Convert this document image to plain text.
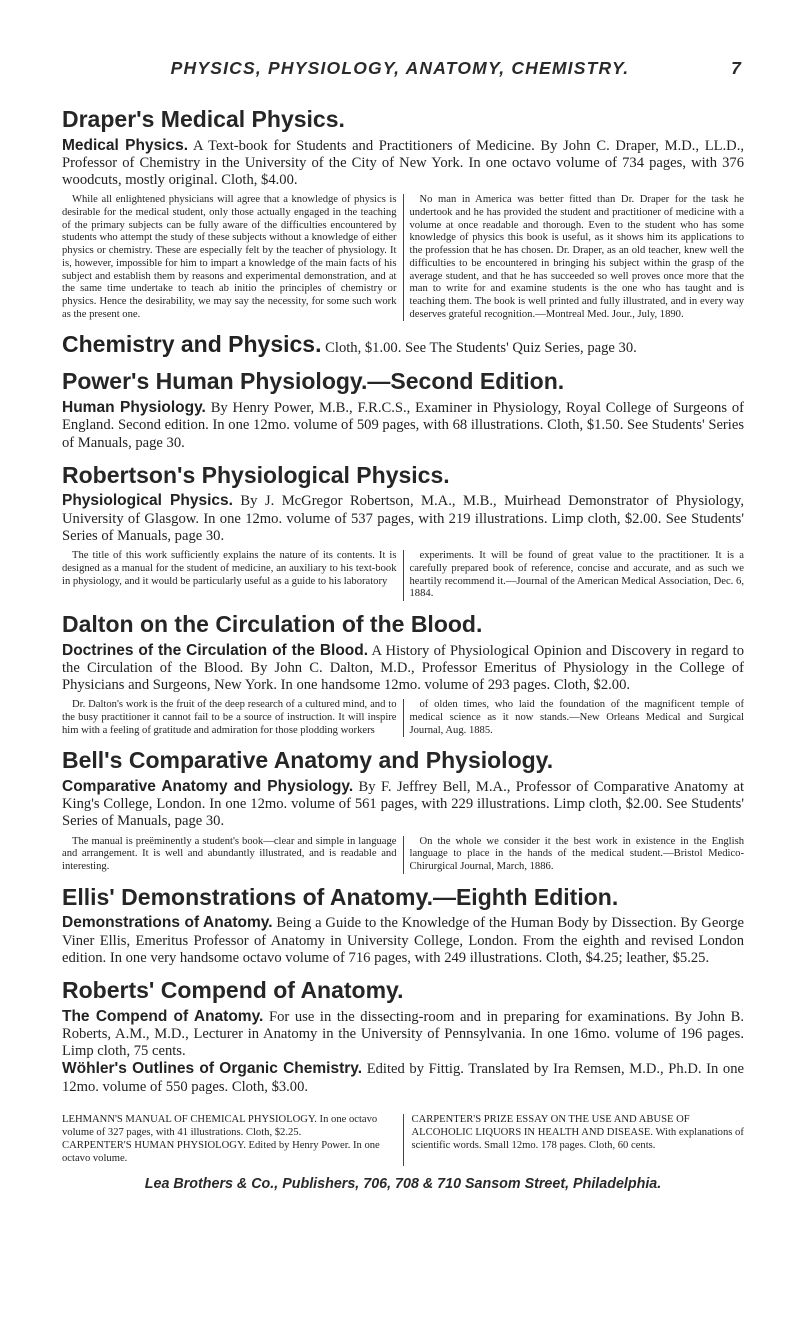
PHYSICS, PHYSIOLOGY, ANATOMY, CHEMISTRY.	7
Draper's Medical Physics.

Medical Physics. A Text-book for Students and Practitioners of Medicine. By John C. Draper, M.D., LL.D., Professor of Chemistry in the University of the City of New York. In one octavo volume of 734 pages, with 376 woodcuts, mostly original. Cloth, $4.00.

While all enlightened physicians will agree that a knowledge of physics is desirable for the medical student, only those actually engaged in the teaching of the primary subjects can be fully aware of the difficulties encountered by students who attempt the study of these subjects without a knowledge of either physics or chemistry. These are especially felt by the teacher of physiology. It is, however, impossible for him to impart a knowledge of the main facts of his subject and establish them by reasons and experimental demonstration, and at the same time undertake to teach ab initio the principles of chemistry or physics. Hence the desirability, we may say the necessity, for some such work as the present one.

No man in America was better fitted than Dr. Draper for the task he undertook and he has provided the student and practitioner of medicine with a volume at once readable and thorough. Even to the student who has some knowledge of physics this book is useful, as it shows him its applications to the profession that he has chosen. Dr. Draper, as an old teacher, knew well the difficulties to be encountered in bringing his subject within the grasp of the average student, and that he has succeeded so well proves once more that the man to write for and examine students is the one who has taught and is teaching them. The book is well printed and fully illustrated, and in every way deserves grateful recognition.—Montreal Med. Jour., July, 1890.

Chemistry and Physics. Cloth, $1.00. See The Students' Quiz Series, page 30.

Power's Human Physiology.—Second Edition.

Human Physiology. By Henry Power, M.B., F.R.C.S., Examiner in Physiology, Royal College of Surgeons of England. Second edition. In one 12mo. volume of 509 pages, with 68 illustrations. Cloth, $1.50. See Students' Series of Manuals, page 30.

Robertson's Physiological Physics.

Physiological Physics. By J. McGregor Robertson, M.A., M.B., Muirhead Demonstrator of Physiology, University of Glasgow. In one 12mo. volume of 537 pages, with 219 illustrations. Limp cloth, $2.00. See Students' Series of Manuals, page 30.

The title of this work sufficiently explains the nature of its contents. It is designed as a manual for the student of medicine, an auxiliary to his text-book in physiology, and it would be particularly useful as a guide to his laboratory

experiments. It will be found of great value to the practitioner. It is a carefully prepared book of reference, concise and accurate, and as such we heartily recommend it.—Journal of the American Medical Association, Dec. 6, 1884.

Dalton on the Circulation of the Blood.

Doctrines of the Circulation of the Blood. A History of Physiological Opinion and Discovery in regard to the Circulation of the Blood. By John C. Dalton, M.D., Professor Emeritus of Physiology in the College of Physicians and Surgeons, New York. In one handsome 12mo. volume of 293 pages. Cloth, $2.00.

Dr. Dalton's work is the fruit of the deep research of a cultured mind, and to the busy practitioner it cannot fail to be a source of instruction. It will inspire him with a feeling of gratitude and admiration for those plodding workers

of olden times, who laid the foundation of the magnificent temple of medical science as it now stands.—New Orleans Medical and Surgical Journal, Aug. 1885.

Bell's Comparative Anatomy and Physiology.

Comparative Anatomy and Physiology. By F. Jeffrey Bell, M.A., Professor of Comparative Anatomy at King's College, London. In one 12mo. volume of 561 pages, with 229 illustrations. Limp cloth, $2.00. See Students' Series of Manuals, page 30.

The manual is preëminently a student's book—clear and simple in language and arrangement. It is well and abundantly illustrated, and is readable and interesting.

On the whole we consider it the best work in existence in the English language to place in the hands of the medical student.—Bristol Medico-Chirurgical Journal, March, 1886.

Ellis' Demonstrations of Anatomy.—Eighth Edition.

Demonstrations of Anatomy. Being a Guide to the Knowledge of the Human Body by Dissection. By George Viner Ellis, Emeritus Professor of Anatomy in University College, London. From the eighth and revised London edition. In one very handsome octavo volume of 716 pages, with 249 illustrations. Cloth, $4.25; leather, $5.25.

Roberts' Compend of Anatomy.

The Compend of Anatomy. For use in the dissecting-room and in preparing for examinations. By John B. Roberts, A.M., M.D., Lecturer in Anatomy in the University of Pennsylvania. In one 16mo. volume of 196 pages. Limp cloth, 75 cents.

Wöhler's Outlines of Organic Chemistry. Edited by Fittig. Translated by Ira Remsen, M.D., Ph.D. In one 12mo. volume of 550 pages. Cloth, $3.00.

LEHMANN'S MANUAL OF CHEMICAL PHYSIOLOGY. In one octavo volume of 327 pages, with 41 illustrations. Cloth, $2.25.

CARPENTER'S HUMAN PHYSIOLOGY. Edited by Henry Power. In one octavo volume.

CARPENTER'S PRIZE ESSAY ON THE USE AND ABUSE OF ALCOHOLIC LIQUORS IN HEALTH AND DISEASE. With explanations of scientific words. Small 12mo. 178 pages. Cloth, 60 cents.

Lea Brothers & Co., Publishers, 706, 708 & 710 Sansom Street, Philadelphia.
